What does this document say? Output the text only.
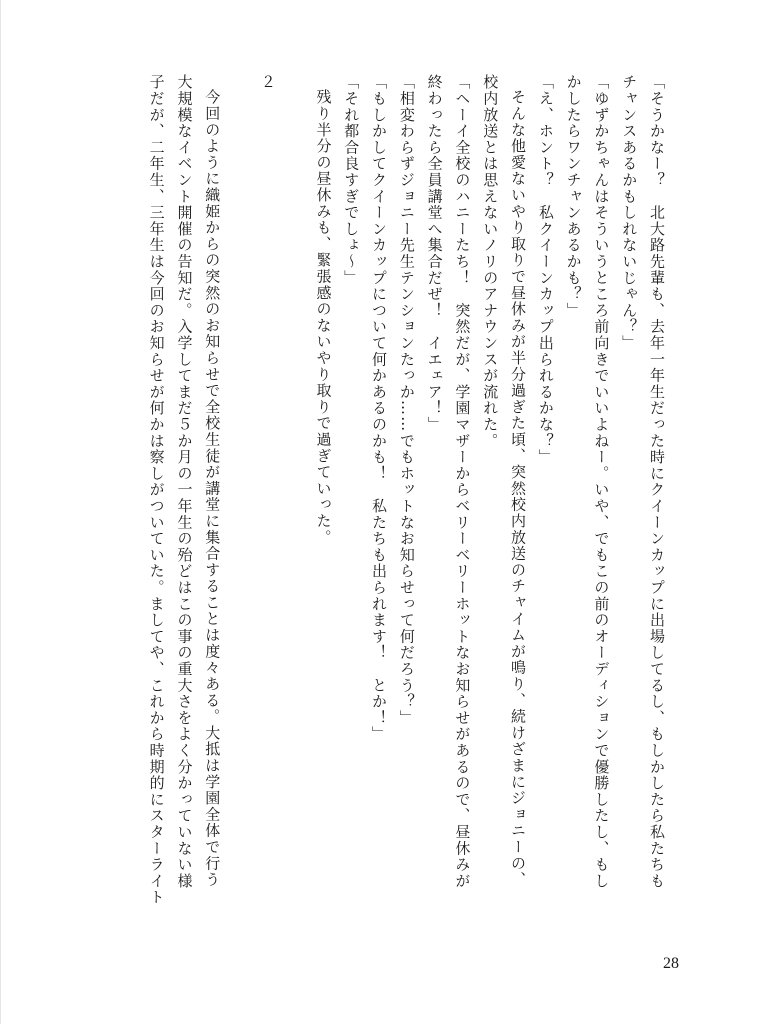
「そうかなー？　北大路先輩も、去年一年生だった時にクイーンカップに出場してるし、もしかしたら私たちも
チャンスあるかもしれないじゃん？」
「ゆずかちゃんはそういうところ前向きでいいよねー。いや、でもこの前のオーディションで優勝したし、もし
かしたらワンチャンあるかも？」
「え、ホント？　私クイーンカップ出られるかな？」
そんな他愛ないやり取りで昼休みが半分過ぎた頃、突然校内放送のチャイムが鳴り、続けざまにジョニーの、
校内放送とは思えないノリのアナウンスが流れた。
「ヘーイ全校のハニーたち！　突然だが、学園マザーからベリーベリーホットなお知らせがあるので、昼休みが
終わったら全員講堂へ集合だぜ！　イエェア！」
「相変わらずジョニー先生テンションたっか……でもホットなお知らせって何だろう？」
「もしかしてクイーンカップについて何かあるのかも！　私たちも出られます！　とか！」
「それ都合良すぎでしょ～」
残り半分の昼休みも、緊張感のないやり取りで過ぎていった。
２
今回のように織姫からの突然のお知らせで全校生徒が講堂に集合することは度々ある。大抵は学園全体で行う
大規模なイベント開催の告知だ。入学してまだ５か月の一年生の殆どはこの事の重大さをよく分かっていない様
子だが、二年生、三年生は今回のお知らせが何かは察しがついていた。ましてや、これから時期的にスターライト
28
